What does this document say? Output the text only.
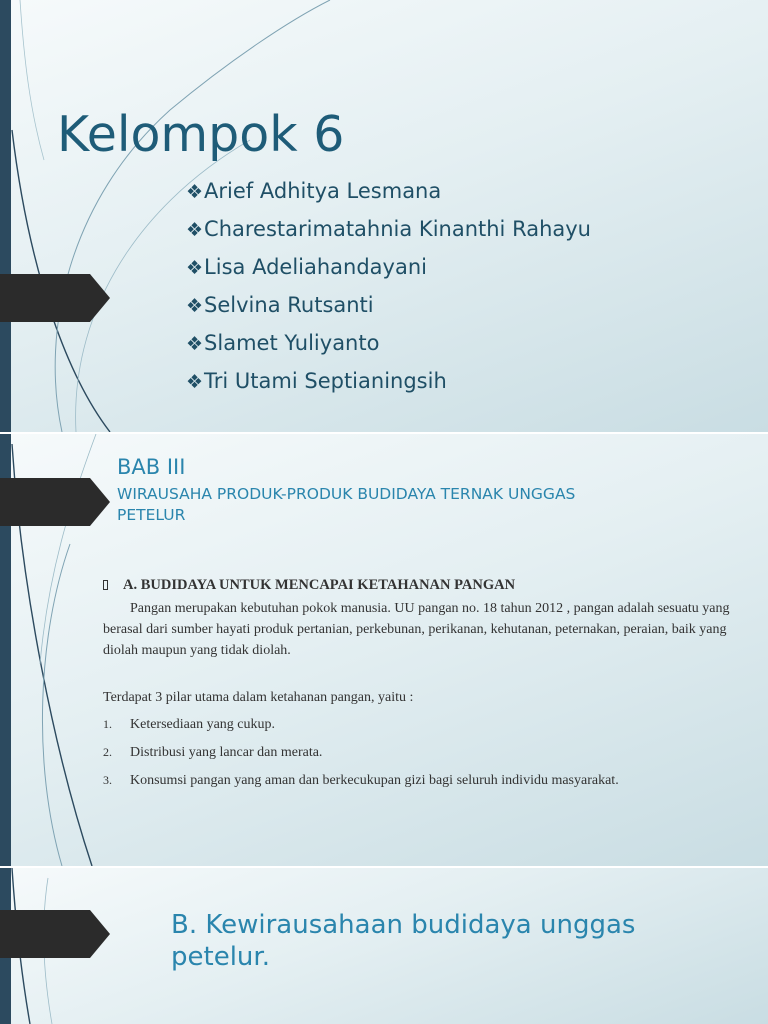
Kelompok 6
❖Arief Adhitya Lesmana
❖Charestarimatahnia Kinanthi Rahayu
❖Lisa Adeliahandayani
❖Selvina Rutsanti
❖Slamet Yuliyanto
❖Tri Utami Septianingsih
BAB III

WIRAUSAHA PRODUK-PRODUK BUDIDAYA TERNAK UNGGAS PETELUR

A. BUDIDAYA UNTUK MENCAPAI KETAHANAN PANGAN
Pangan merupakan kebutuhan pokok manusia. UU pangan no. 18 tahun 2012 , pangan adalah sesuatu yang berasal dari sumber hayati produk pertanian, perkebunan, perikanan, kehutanan, peternakan, peraian, baik yang diolah maupun yang tidak diolah.
Terdapat 3 pilar utama dalam ketahanan pangan, yaitu :
1. Ketersediaan yang cukup.
2. Distribusi yang lancar dan merata.
3. Konsumsi pangan yang aman dan berkecukupan gizi bagi seluruh individu masyarakat.
B. Kewirausahaan budidaya unggas petelur.
